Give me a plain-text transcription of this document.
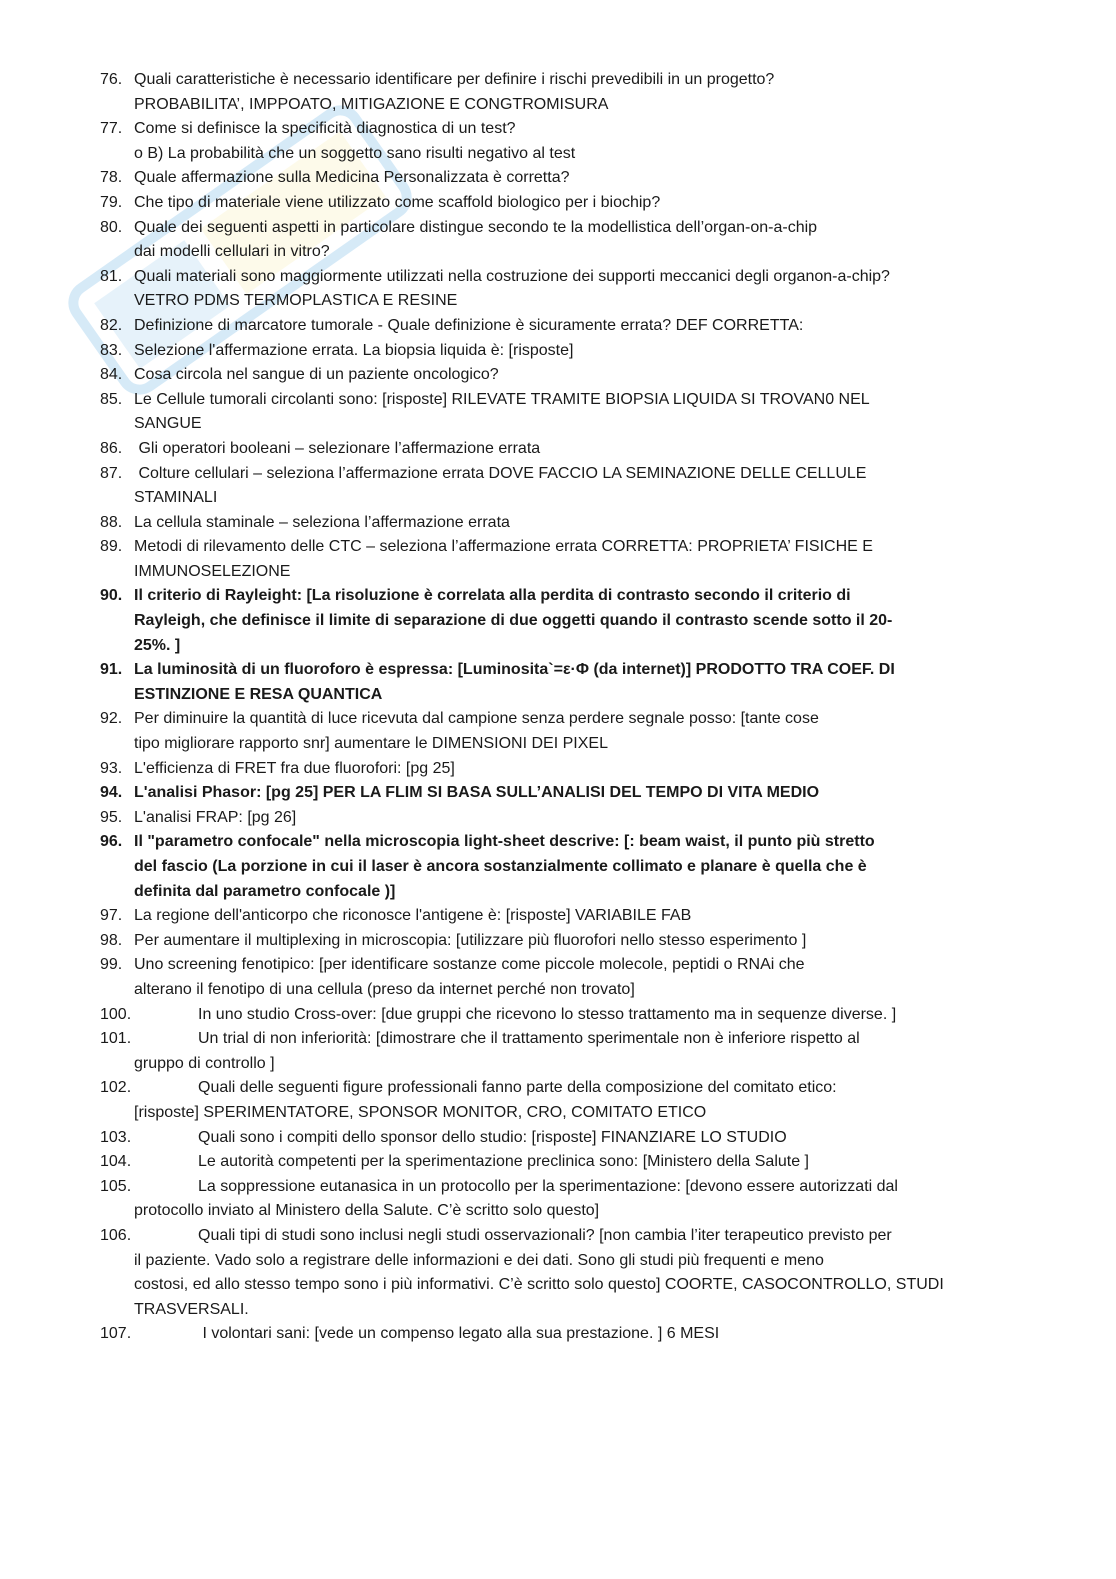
76. Quali caratteristiche è necessario identificare per definire i rischi prevedibili in un progetto?
PROBABILITA’, IMPPOATO, MITIGAZIONE E CONGTROMISURA
77. Come si definisce la specificità diagnostica di un test?
o B) La probabilità che un soggetto sano risulti negativo al test
78. Quale affermazione sulla Medicina Personalizzata è corretta?
79. Che tipo di materiale viene utilizzato come scaffold biologico per i biochip?
80. Quale dei seguenti aspetti in particolare distingue secondo te la modellistica dell’organ-on-a-chip
dai modelli cellulari in vitro?
81. Quali materiali sono maggiormente utilizzati nella costruzione dei supporti meccanici degli organon-a-chip?
VETRO PDMS TERMOPLASTICA E RESINE
82. Definizione di marcatore tumorale - Quale definizione è sicuramente errata? DEF CORRETTA:
83. Selezione l'affermazione errata. La biopsia liquida è: [risposte]
84. Cosa circola nel sangue di un paziente oncologico?
85. Le Cellule tumorali circolanti sono: [risposte] RILEVATE TRAMITE BIOPSIA LIQUIDA SI TROVAN0 NEL
SANGUE
86. Gli operatori booleani – selezionare l’affermazione errata
87. Colture cellulari – seleziona l’affermazione errata DOVE FACCIO LA SEMINAZIONE DELLE CELLULE
STAMINALI
88. La cellula staminale – seleziona l’affermazione errata
89. Metodi di rilevamento delle CTC – seleziona l’affermazione errata CORRETTA: PROPRIETA’ FISICHE E
IMMUNOSELEZIONE
90. Il criterio di Rayleight: [La risoluzione è correlata alla perdita di contrasto secondo il criterio di
Rayleigh, che definisce il limite di separazione di due oggetti quando il contrasto scende sotto il 20-
25%. ]
91. La luminosità di un fluoroforo è espressa: [Luminosita`=ε·Φ (da internet)] PRODOTTO TRA COEF. DI
ESTINZIONE E RESA QUANTICA
92. Per diminuire la quantità di luce ricevuta dal campione senza perdere segnale posso: [tante cose
tipo migliorare rapporto snr] aumentare le DIMENSIONI DEI PIXEL
93. L'efficienza di FRET fra due fluorofori: [pg 25]
94. L'analisi Phasor: [pg 25] PER LA FLIM SI BASA SULL’ANALISI DEL TEMPO DI VITA MEDIO
95. L'analisi FRAP: [pg 26]
96. Il "parametro confocale" nella microscopia light-sheet descrive: [: beam waist, il punto più stretto
del fascio (La porzione in cui il laser è ancora sostanzialmente collimato e planare è quella che è
definita dal parametro confocale )]
97. La regione dell'anticorpo che riconosce l'antigene è: [risposte] VARIABILE FAB
98. Per aumentare il multiplexing in microscopia: [utilizzare più fluorofori nello stesso esperimento ]
99. Uno screening fenotipico: [per identificare sostanze come piccole molecole, peptidi o RNAi che
alterano il fenotipo di una cellula (preso da internet perché non trovato]
100.	In uno studio Cross-over: [due gruppi che ricevono lo stesso trattamento ma in sequenze diverse. ]
101.	Un trial di non inferiorità: [dimostrare che il trattamento sperimentale non è inferiore rispetto al
gruppo di controllo ]
102.	Quali delle seguenti figure professionali fanno parte della composizione del comitato etico:
[risposte] SPERIMENTATORE, SPONSOR MONITOR, CRO, COMITATO ETICO
103.	Quali sono i compiti dello sponsor dello studio: [risposte] FINANZIARE LO STUDIO
104.	Le autorità competenti per la sperimentazione preclinica sono: [Ministero della Salute ]
105.	La soppressione eutanasica in un protocollo per la sperimentazione: [devono essere autorizzati dal
protocollo inviato al Ministero della Salute. C’è scritto solo questo]
106.	Quali tipi di studi sono inclusi negli studi osservazionali? [non cambia l’iter terapeutico previsto per
il paziente. Vado solo a registrare delle informazioni e dei dati. Sono gli studi più frequenti e meno
costosi, ed allo stesso tempo sono i più informativi. C’è scritto solo questo] COORTE, CASOCONTROLLO, STUDI
TRASVERSALI.
107.	I volontari sani: [vede un compenso legato alla sua prestazione. ] 6 MESI
